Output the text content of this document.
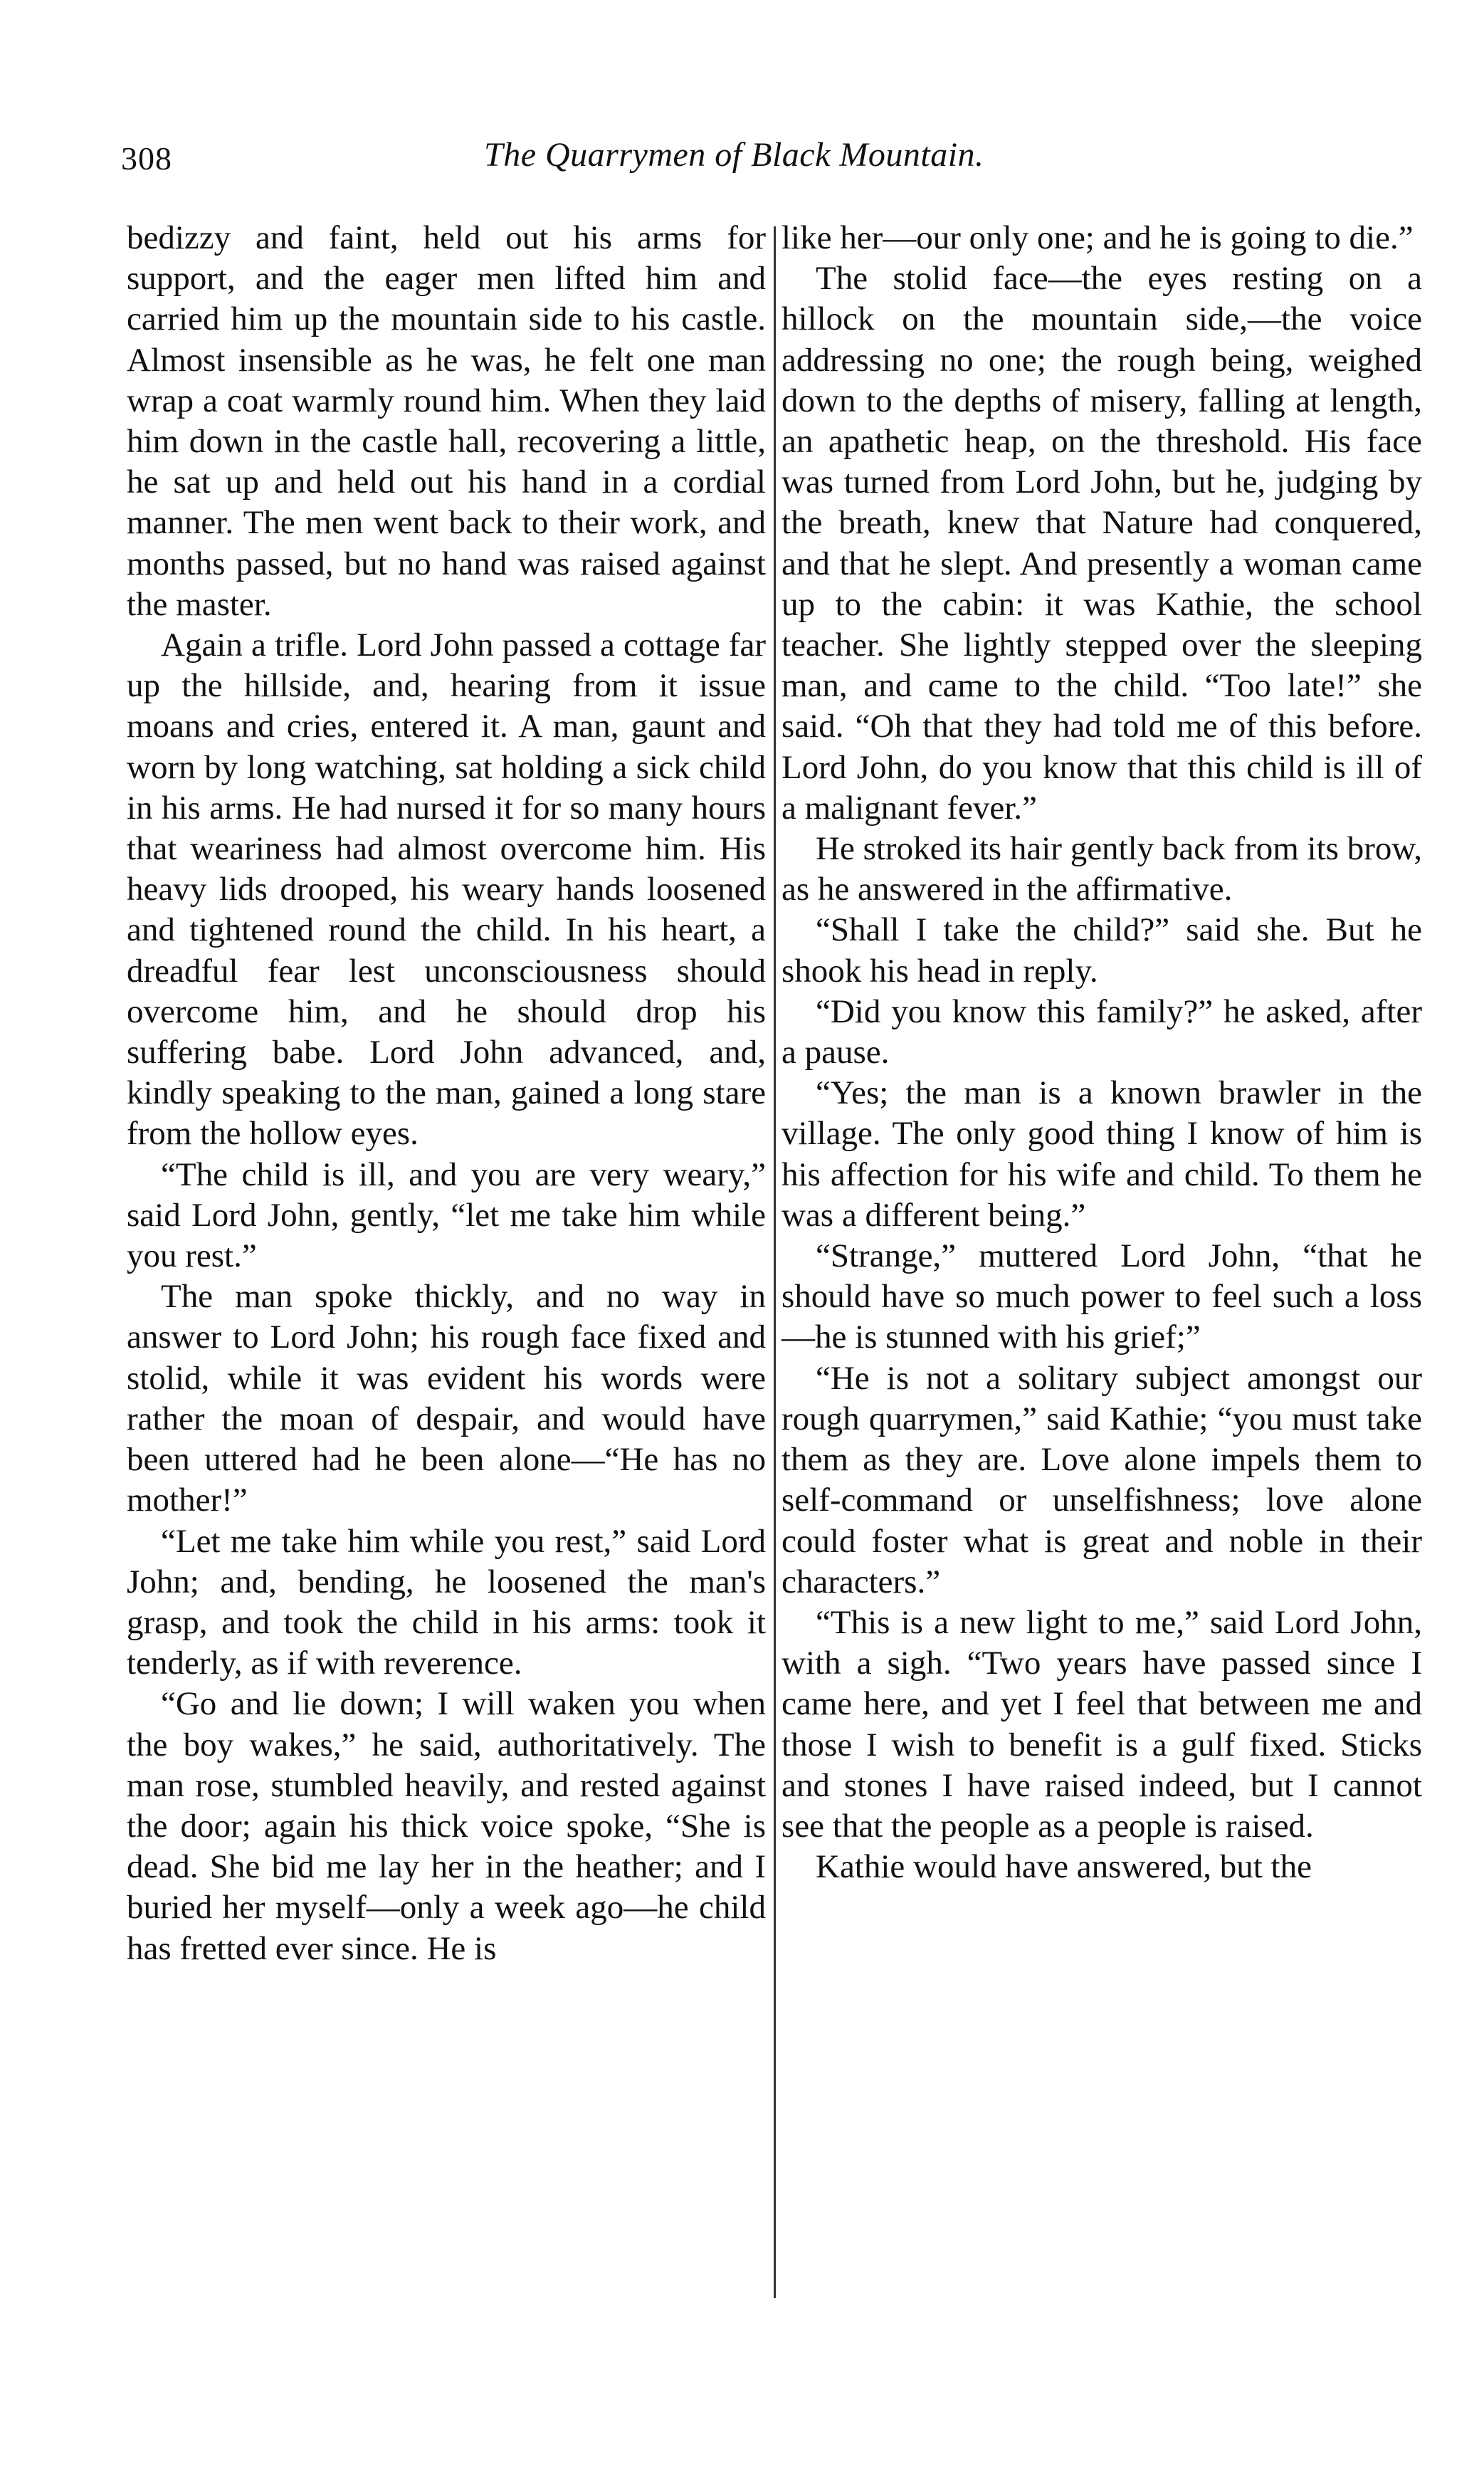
308	The Quarrymen of Black Mountain.

bedizzy and faint, held out his arms for support, and the eager men lifted him and carried him up the mountain side to his castle. Almost insensible as he was, he felt one man wrap a coat warmly round him. When they laid him down in the castle hall, recovering a little, he sat up and held out his hand in a cordial manner. The men went back to their work, and months passed, but no hand was raised against the master.

Again a trifle. Lord John passed a cottage far up the hillside, and, hearing from it issue moans and cries, entered it. A man, gaunt and worn by long watching, sat holding a sick child in his arms. He had nursed it for so many hours that weariness had almost overcome him. His heavy lids drooped, his weary hands loosened and tightened round the child. In his heart, a dreadful fear lest unconsciousness should overcome him, and he should drop his suffering babe. Lord John advanced, and, kindly speaking to the man, gained a long stare from the hollow eyes.

“The child is ill, and you are very weary,” said Lord John, gently, “let me take him while you rest.”

The man spoke thickly, and no way in answer to Lord John; his rough face fixed and stolid, while it was evident his words were rather the moan of despair, and would have been uttered had he been alone—“He has no mother!”

“Let me take him while you rest,” said Lord John; and, bending, he loosened the man's grasp, and took the child in his arms: took it tenderly, as if with reverence.

“Go and lie down; I will waken you when the boy wakes,” he said, authoritatively. The man rose, stumbled heavily, and rested against the door; again his thick voice spoke, “She is dead. She bid me lay her in the heather; and I buried her myself—only a week ago—he child has fretted ever since. He is

like her—our only one; and he is going to die.”

The stolid face—the eyes resting on a hillock on the mountain side,—the voice addressing no one; the rough being, weighed down to the depths of misery, falling at length, an apathetic heap, on the threshold. His face was turned from Lord John, but he, judging by the breath, knew that Nature had conquered, and that he slept. And presently a woman came up to the cabin: it was Kathie, the school teacher. She lightly stepped over the sleeping man, and came to the child. “Too late!” she said. “Oh that they had told me of this before. Lord John, do you know that this child is ill of a malignant fever.”

He stroked its hair gently back from its brow, as he answered in the affirmative.

“Shall I take the child?” said she. But he shook his head in reply.

“Did you know this family?” he asked, after a pause.

“Yes; the man is a known brawler in the village. The only good thing I know of him is his affection for his wife and child. To them he was a different being.”

“Strange,” muttered Lord John, “that he should have so much power to feel such a loss—he is stunned with his grief;”

“He is not a solitary subject amongst our rough quarrymen,” said Kathie; “you must take them as they are. Love alone impels them to self-command or unselfishness; love alone could foster what is great and noble in their characters.”

“This is a new light to me,” said Lord John, with a sigh. “Two years have passed since I came here, and yet I feel that between me and those I wish to benefit is a gulf fixed. Sticks and stones I have raised indeed, but I cannot see that the people as a people is raised.

Kathie would have answered, but the
